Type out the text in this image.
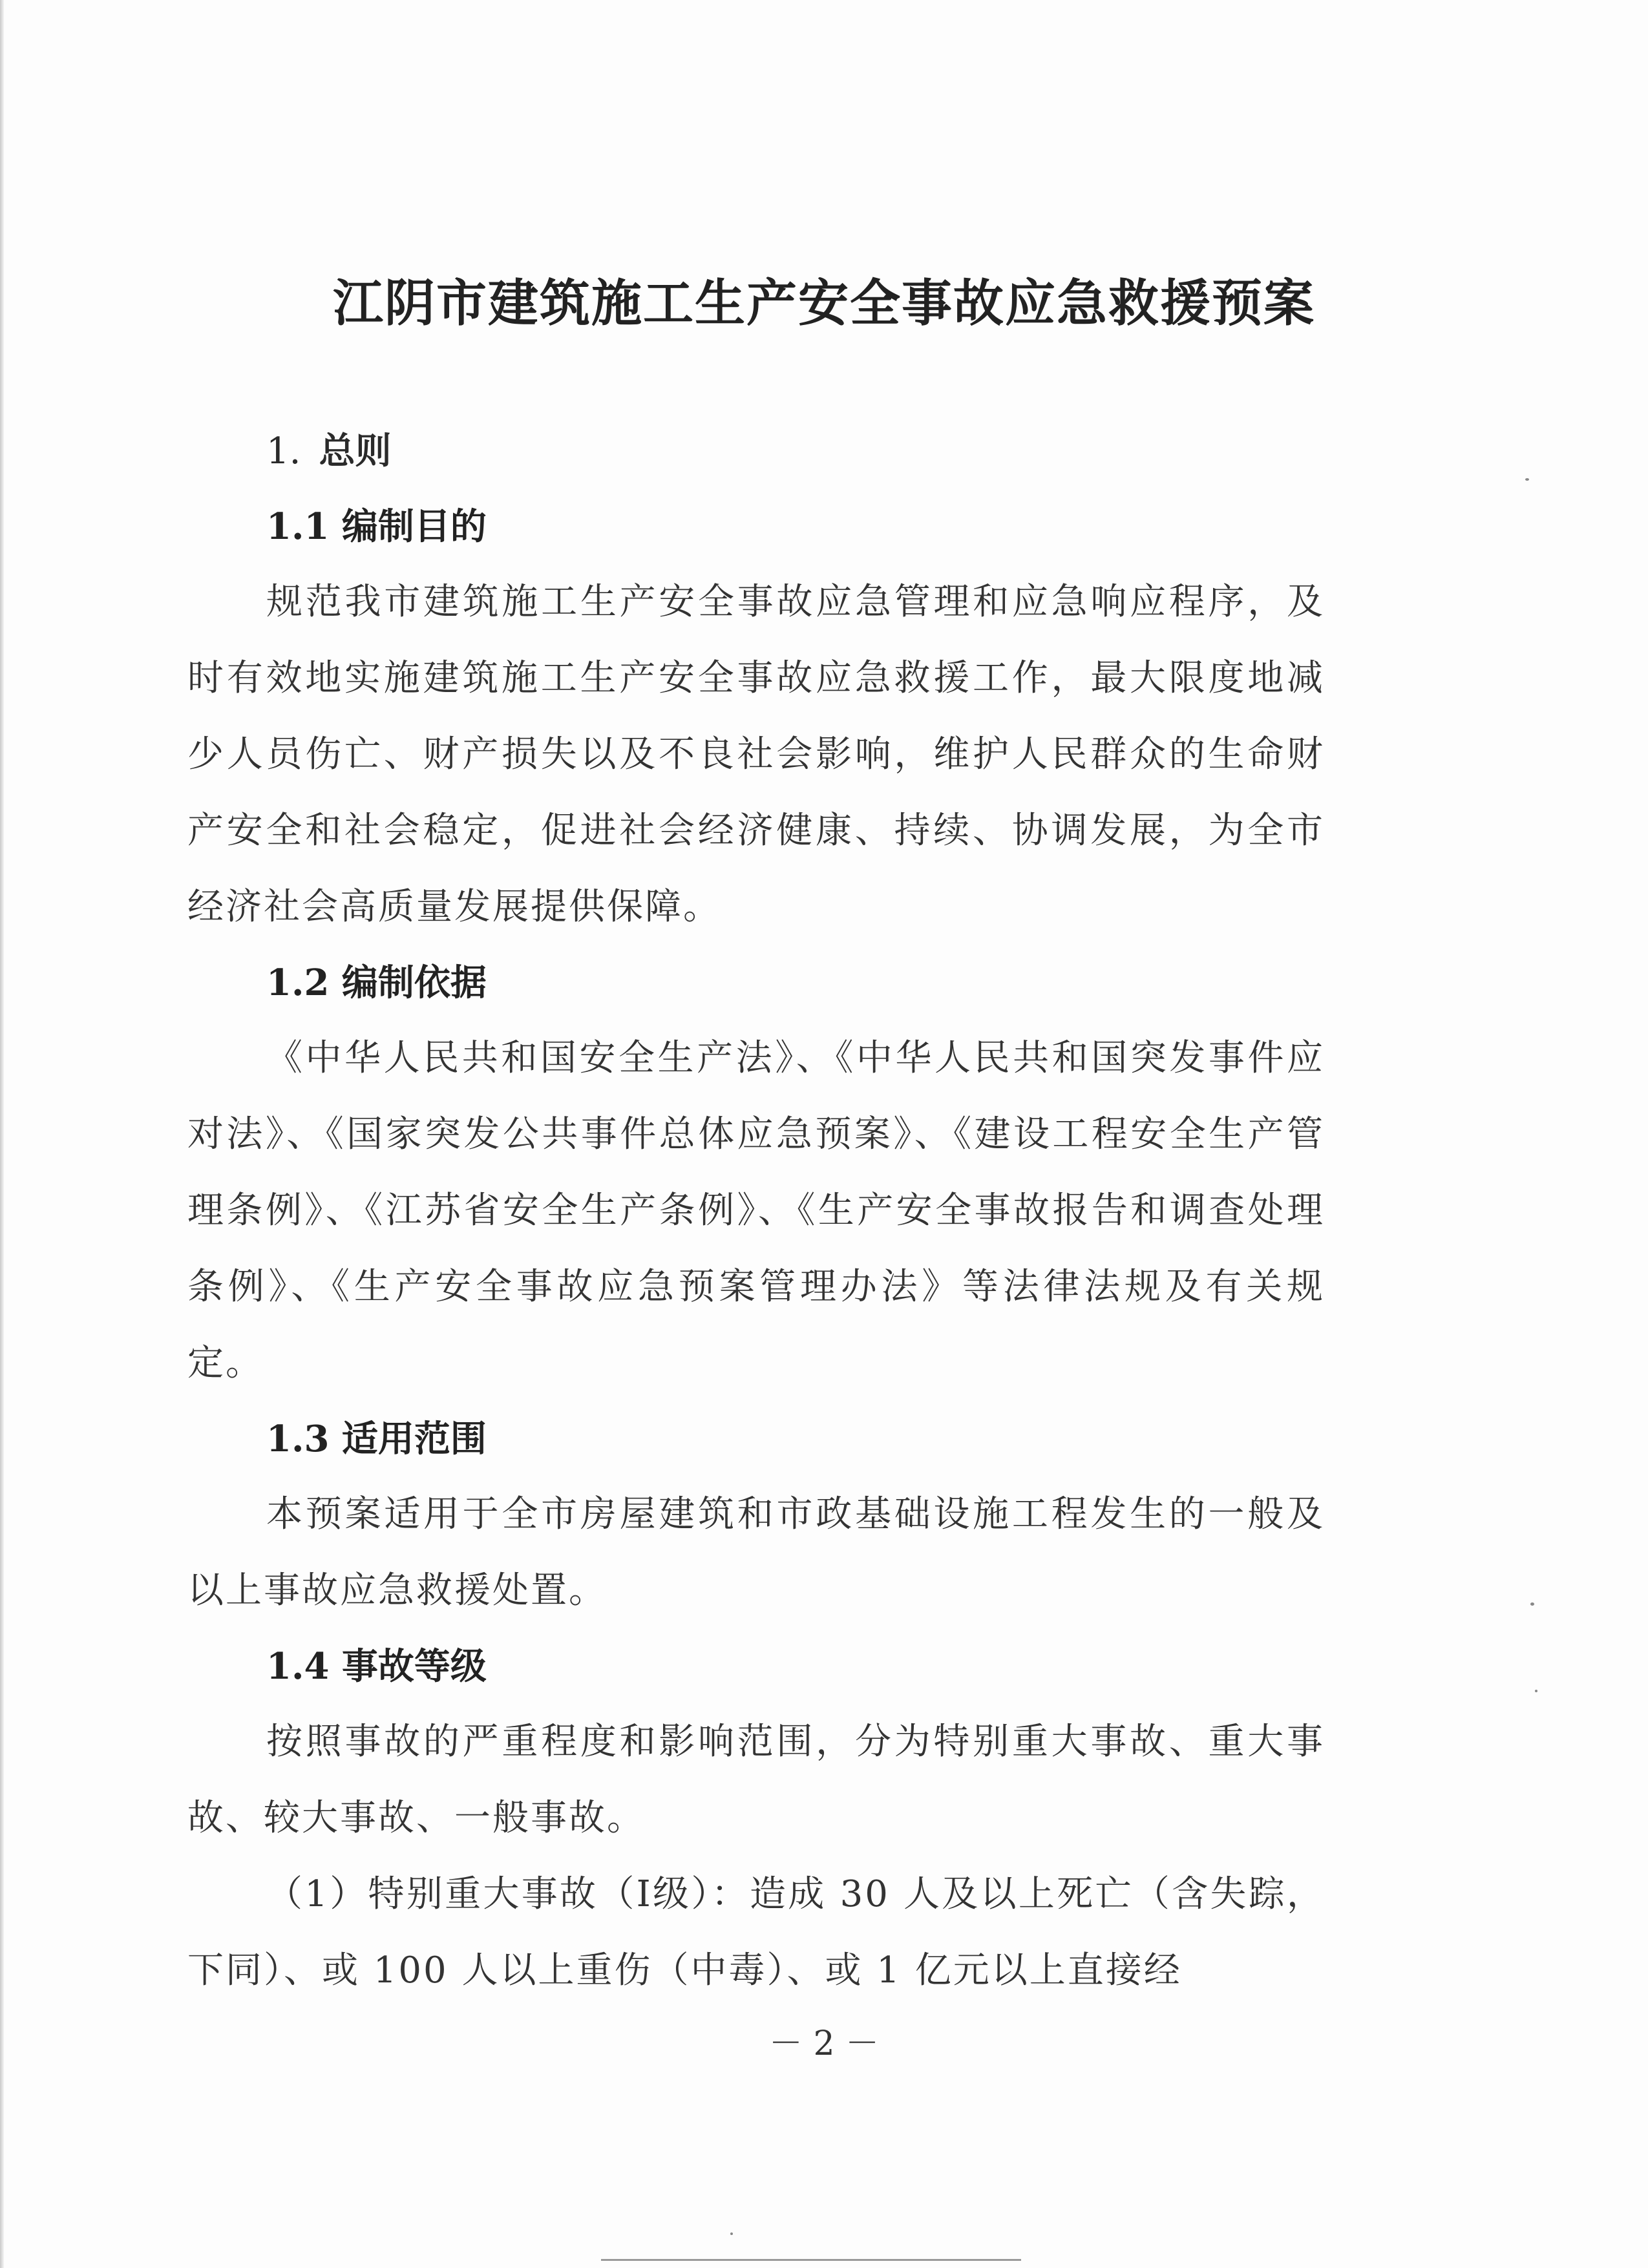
江阴市建筑施工生产安全事故应急救援预案
1. 总则
1.1 编制目的

规范我市建筑施工生产安全事故应急管理和应急响应程序，及时有效地实施建筑施工生产安全事故应急救援工作，最大限度地减少人员伤亡、财产损失以及不良社会影响，维护人民群众的生命财产安全和社会稳定，促进社会经济健康、持续、协调发展，为全市经济社会高质量发展提供保障。

1.2 编制依据

《中华人民共和国安全生产法》、《中华人民共和国突发事件应对法》、《国家突发公共事件总体应急预案》、《建设工程安全生产管理条例》、《江苏省安全生产条例》、《生产安全事故报告和调查处理条例》、《生产安全事故应急预案管理办法》等法律法规及有关规定。

1.3 适用范围

本预案适用于全市房屋建筑和市政基础设施工程发生的一般及以上事故应急救援处置。

1.4 事故等级

按照事故的严重程度和影响范围，分为特别重大事故、重大事故、较大事故、一般事故。

（1）特别重大事故（Ⅰ级）：造成 30 人及以上死亡（含失踪，下同）、或 100 人以上重伤（中毒）、或 1 亿元以上直接经

－ 2 －
